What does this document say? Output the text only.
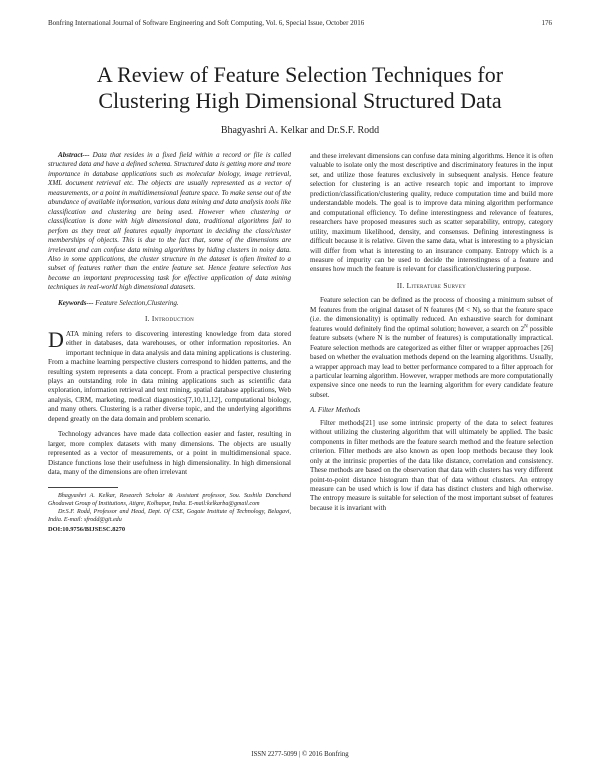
Bonfring International Journal of Software Engineering and Soft Computing, Vol. 6, Special Issue, October 2016	176
A Review of Feature Selection Techniques for
Clustering High Dimensional Structured Data
Bhagyashri A. Kelkar and Dr.S.F. Rodd

Abstract--- Data that resides in a fixed field within a record or file is called structured data and have a defined schema. Structured data is getting more and more importance in database applications such as molecular biology, image retrieval, XML document retrieval etc. The objects are usually represented as a vector of measurements, or a point in multidimensional feature space. To make sense out of the abundance of available information, various data mining and data analysis tools like classification and clustering are being used. However when clustering or classification is done with high dimensional data, traditional algorithms fail to perfom as they treat all features equally important in deciding the class/cluster memberships of objects. This is due to the fact that, some of the dimensions are irrelevant and can confuse data mining algorithms by hiding clusters in noisy data. Also in some applications, the cluster structure in the dataset is often limited to a subset of features rather than the entire feature set. Hence feature selection has become an important preprocessing task for effective application of data mining techniques in real-world high dimensional datasets.

Keywords--- Feature Selection,Clustering.

I. Introduction

DATA mining refers to discovering interesting knowledge from data stored either in databases, data warehouses, or other information repositories. An important technique in data analysis and data mining applications is clustering. From a machine learning perspective clusters correspond to hidden patterns, and the resulting system represents a data concept. From a practical perspective clustering plays an outstanding role in data mining applications such as scientific data exploration, information retrieval and text mining, spatial database applications, Web analysis, CRM, marketing, medical diagnostics[7,10,11,12], computational biology, and many others. Clustering is a rather diverse topic, and the underlying algorithms depend greatly on the data domain and problem scenario.

Technology advances have made data collection easier and faster, resulting in larger, more complex datasets with many dimensions. The objects are usually represented as a vector of measurements, or a point in multidimensional space. Distance functions lose their usefulness in high dimensionality. In high dimensional data, many of the dimensions are often irrelevant

Bhagyashri A. Kelkar, Research Scholar & Assistant professor, Sou. Sushila Danchand Ghodawat Group of Institutions, Atigre, Kolhapur, India. E-mail:kelkarba@gmail.com

Dr.S.F. Rodd, Professor and Head, Dept. Of CSE, Gogate Institute of Technology, Belagavi, India. E-mail: sfrodd@git.edu

DOI:10.9756/BIJSESC.8270

and these irrelevant dimensions can confuse data mining algorithms. Hence it is often valuable to isolate only the most descriptive and discriminatory features in the input set, and utilize those features exclusively in subsequent analysis. Hence feature selection for clustering is an active research topic and important to improve prediction/classification/clustering quality, reduce computation time and build more understandable models. The goal is to improve data mining algorithm performance and computational efficiency. To define interestingness and relevance of features, researchers have proposed measures such as scatter separability, entropy, category utility, maximum likelihood, density, and consensus. Defining interestingness is difficult because it is relative. Given the same data, what is interesting to a physician will differ from what is interesting to an insurance company. Entropy which is a measure of impurity can be used to decide the interestingness of a feature and ensures how much the feature is relevant for classification/clustering purpose.

II. Literature Survey

Feature selection can be defined as the process of choosing a minimum subset of M features from the original dataset of N features (M < N), so that the feature space (i.e. the dimensionality) is optimally reduced. An exhaustive search for dominant features would definitely find the optimal solution; however, a search on $2^N$ possible feature subsets (where N is the number of features) is computationally impractical. Feature selection methods are categorized as either filter or wrapper approaches [26] based on whether the evaluation methods depend on the learning algorithms. Usually, a wrapper approach may lead to better performance compared to a filter approach for a particular learning algorithm. However, wrapper methods are more computationally expensive since one needs to run the learning algorithm for every candidate feature subset.

A. Filter Methods

Filter methods[21] use some intrinsic property of the data to select features without utilizing the clustering algorithm that will ultimately be applied. The basic components in filter methods are the feature search method and the feature selection criterion. Filter methods are also known as open loop methods because they look only at the intrinsic properties of the data like distance, correlation and consistency. These methods are based on the observation that data with clusters has very different point-to-point distance histogram than that of data without clusters. An entropy measure can be used which is low if data has distinct clusters and high otherwise. The entropy measure is suitable for selection of the most important subset of features because it is invariant with

ISSN 2277-5099 | © 2016 Bonfring
